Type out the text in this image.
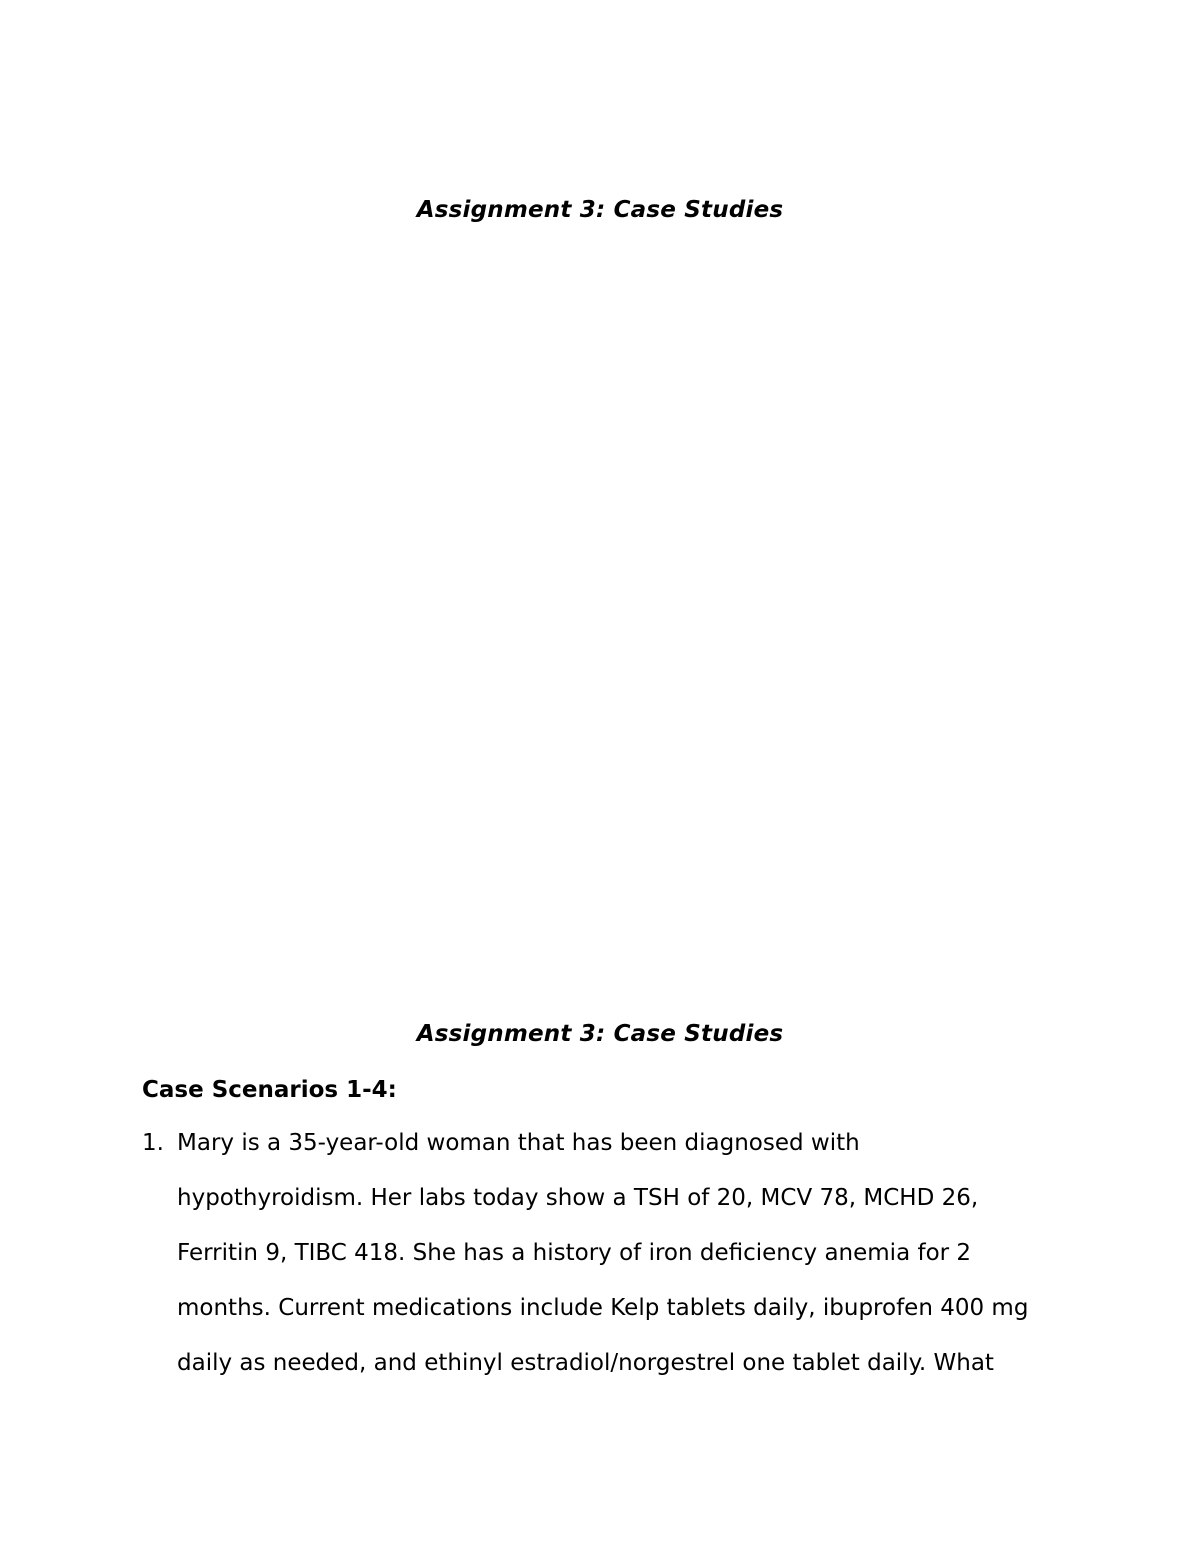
Assignment 3: Case Studies
Assignment 3: Case Studies
Case Scenarios 1-4:
1. Mary is a 35-year-old woman that has been diagnosed with
hypothyroidism. Her labs today show a TSH of 20, MCV 78, MCHD 26,
Ferritin 9, TIBC 418. She has a history of iron deficiency anemia for 2
months. Current medications include Kelp tablets daily, ibuprofen 400 mg
daily as needed, and ethinyl estradiol/norgestrel one tablet daily. What
